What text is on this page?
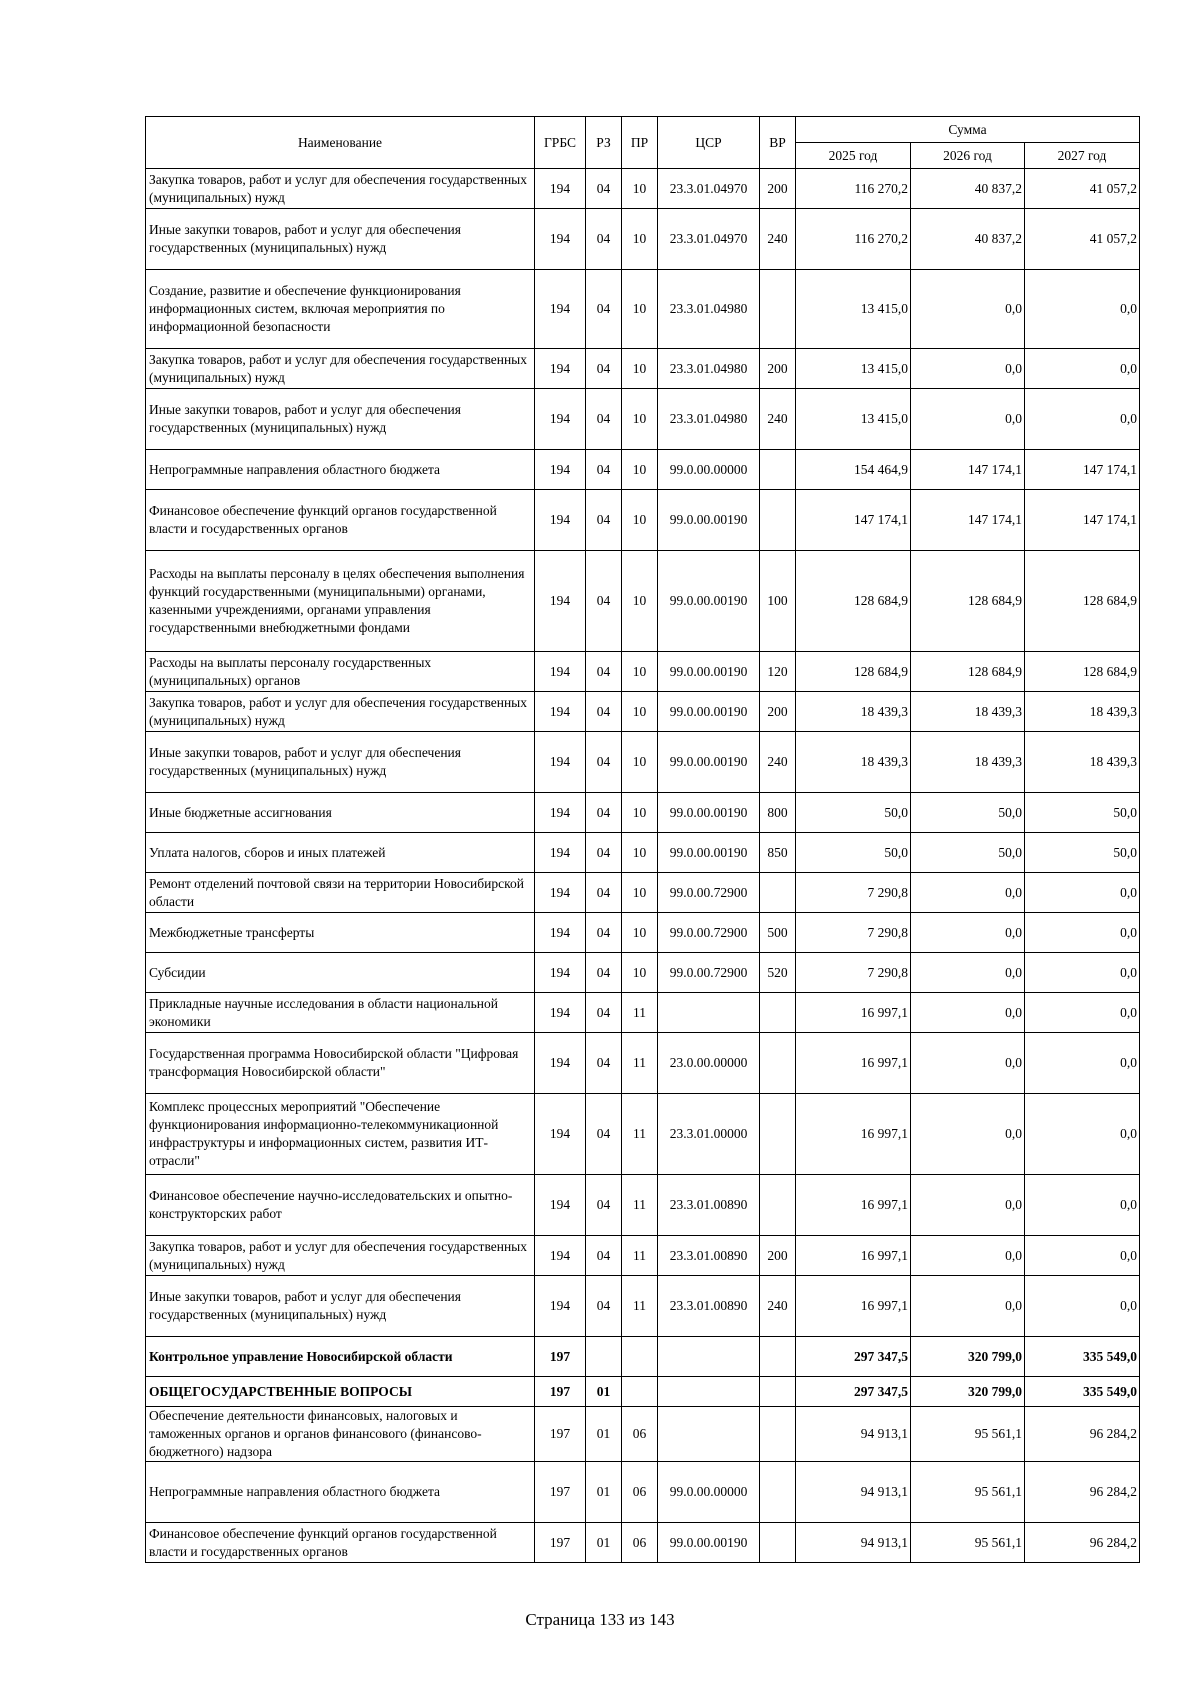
Наименование	ГРБС	РЗ	ПР	ЦСР	ВР	Сумма		
						2025 год	2026 год	2027 год
Закупка товаров, работ и услуг для обеспечения государственных (муниципальных) нужд	194	04	10	23.3.01.04970	200	116 270,2	40 837,2	41 057,2
Иные закупки товаров, работ и услуг для обеспечения государственных (муниципальных) нужд	194	04	10	23.3.01.04970	240	116 270,2	40 837,2	41 057,2
Создание, развитие и обеспечение функционирования информационных систем, включая мероприятия по информационной безопасности	194	04	10	23.3.01.04980		13 415,0	0,0	0,0
Закупка товаров, работ и услуг для обеспечения государственных (муниципальных) нужд	194	04	10	23.3.01.04980	200	13 415,0	0,0	0,0
Иные закупки товаров, работ и услуг для обеспечения государственных (муниципальных) нужд	194	04	10	23.3.01.04980	240	13 415,0	0,0	0,0
Непрограммные направления областного бюджета	194	04	10	99.0.00.00000		154 464,9	147 174,1	147 174,1
Финансовое обеспечение функций органов государственной власти и государственных органов	194	04	10	99.0.00.00190		147 174,1	147 174,1	147 174,1
Расходы на выплаты персоналу в целях обеспечения выполнения функций государственными (муниципальными) органами, казенными учреждениями, органами управления государственными внебюджетными фондами	194	04	10	99.0.00.00190	100	128 684,9	128 684,9	128 684,9
Расходы на выплаты персоналу государственных (муниципальных) органов	194	04	10	99.0.00.00190	120	128 684,9	128 684,9	128 684,9
Закупка товаров, работ и услуг для обеспечения государственных (муниципальных) нужд	194	04	10	99.0.00.00190	200	18 439,3	18 439,3	18 439,3
Иные закупки товаров, работ и услуг для обеспечения государственных (муниципальных) нужд	194	04	10	99.0.00.00190	240	18 439,3	18 439,3	18 439,3
Иные бюджетные ассигнования	194	04	10	99.0.00.00190	800	50,0	50,0	50,0
Уплата налогов, сборов и иных платежей	194	04	10	99.0.00.00190	850	50,0	50,0	50,0
Ремонт отделений почтовой связи на территории Новосибирской области	194	04	10	99.0.00.72900		7 290,8	0,0	0,0
Межбюджетные трансферты	194	04	10	99.0.00.72900	500	7 290,8	0,0	0,0
Субсидии	194	04	10	99.0.00.72900	520	7 290,8	0,0	0,0
Прикладные научные исследования в области национальной экономики	194	04	11			16 997,1	0,0	0,0
Государственная программа Новосибирской области "Цифровая трансформация Новосибирской области"	194	04	11	23.0.00.00000		16 997,1	0,0	0,0
Комплекс процессных мероприятий "Обеспечение функционирования информационно-телекоммуникационной инфраструктуры и информационных систем, развития ИТ-отрасли"	194	04	11	23.3.01.00000		16 997,1	0,0	0,0
Финансовое обеспечение научно-исследовательских и опытно-конструкторских работ	194	04	11	23.3.01.00890		16 997,1	0,0	0,0
Закупка товаров, работ и услуг для обеспечения государственных (муниципальных) нужд	194	04	11	23.3.01.00890	200	16 997,1	0,0	0,0
Иные закупки товаров, работ и услуг для обеспечения государственных (муниципальных) нужд	194	04	11	23.3.01.00890	240	16 997,1	0,0	0,0
Контрольное управление Новосибирской области	197					297 347,5	320 799,0	335 549,0
ОБЩЕГОСУДАРСТВЕННЫЕ ВОПРОСЫ	197	01				297 347,5	320 799,0	335 549,0
Обеспечение деятельности финансовых, налоговых и таможенных органов и органов финансового (финансово-бюджетного) надзора	197	01	06			94 913,1	95 561,1	96 284,2
Непрограммные направления областного бюджета	197	01	06	99.0.00.00000		94 913,1	95 561,1	96 284,2
Финансовое обеспечение функций органов государственной власти и государственных органов	197	01	06	99.0.00.00190		94 913,1	95 561,1	96 284,2
Страница 133 из 143
